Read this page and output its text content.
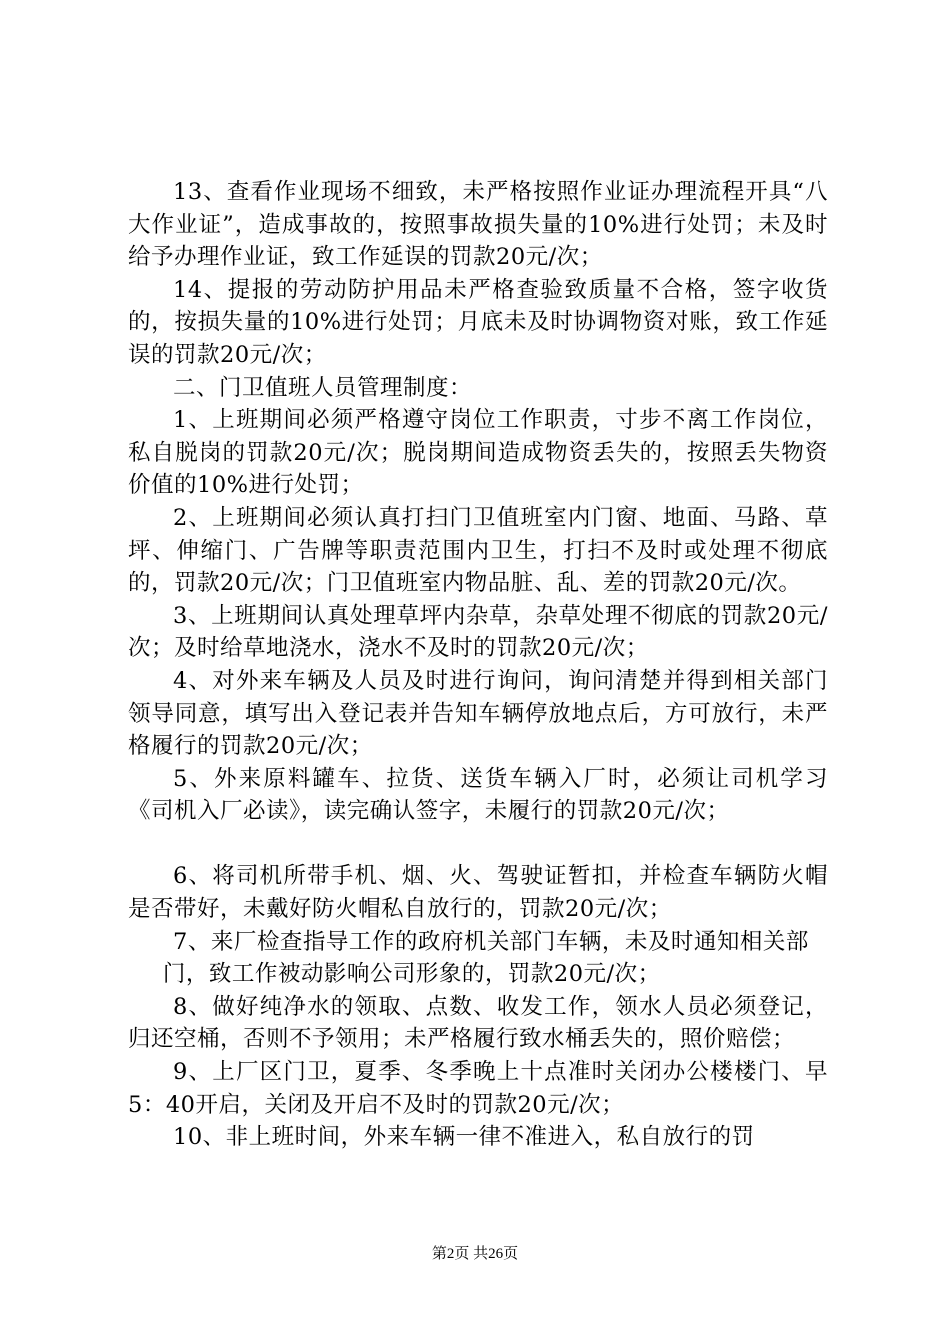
13、查看作业现场不细致，未严格按照作业证办理流程开具“八大作业证”，造成事故的，按照事故损失量的10%进行处罚；未及时给予办理作业证，致工作延误的罚款20元/次；

14、提报的劳动防护用品未严格查验致质量不合格，签字收货的，按损失量的10%进行处罚；月底未及时协调物资对账，致工作延误的罚款20元/次；

二、门卫值班人员管理制度：

1、上班期间必须严格遵守岗位工作职责，寸步不离工作岗位，私自脱岗的罚款20元/次；脱岗期间造成物资丢失的，按照丢失物资价值的10%进行处罚；

2、上班期间必须认真打扫门卫值班室内门窗、地面、马路、草坪、伸缩门、广告牌等职责范围内卫生，打扫不及时或处理不彻底的，罚款20元/次；门卫值班室内物品脏、乱、差的罚款20元/次。

3、上班期间认真处理草坪内杂草，杂草处理不彻底的罚款20元/次；及时给草地浇水，浇水不及时的罚款20元/次；

4、对外来车辆及人员及时进行询问，询问清楚并得到相关部门领导同意，填写出入登记表并告知车辆停放地点后，方可放行，未严格履行的罚款20元/次；

5、外来原料罐车、拉货、送货车辆入厂时，必须让司机学习《司机入厂必读》，读完确认签字，未履行的罚款20元/次；

6、将司机所带手机、烟、火、驾驶证暂扣，并检查车辆防火帽是否带好，未戴好防火帽私自放行的，罚款20元/次；

7、来厂检查指导工作的政府机关部门车辆，未及时通知相关部

门，致工作被动影响公司形象的，罚款20元/次；

8、做好纯净水的领取、点数、收发工作，领水人员必须登记，归还空桶，否则不予领用；未严格履行致水桶丢失的，照价赔偿；

9、上厂区门卫，夏季、冬季晚上十点准时关闭办公楼楼门、早5：40开启，关闭及开启不及时的罚款20元/次；

10、非上班时间，外来车辆一律不准进入，私自放行的罚

第2页 共26页
